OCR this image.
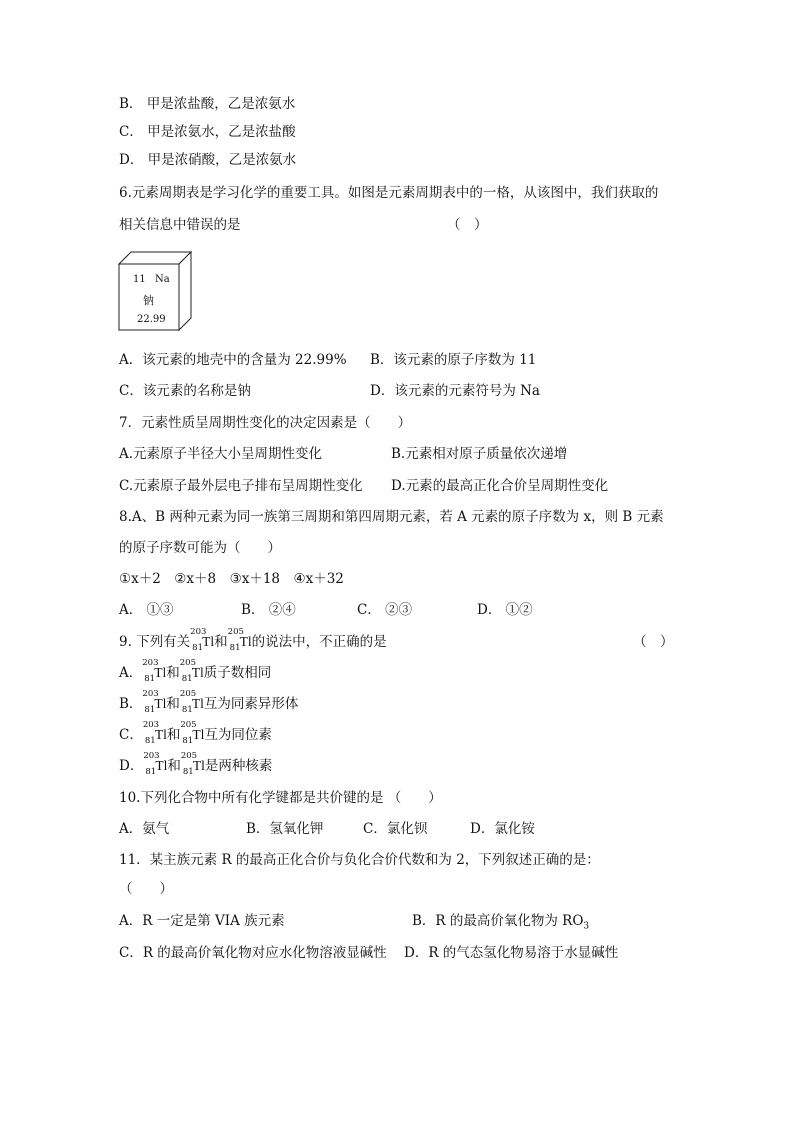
B． 甲是浓盐酸，乙是浓氨水
C． 甲是浓氨水，乙是浓盐酸
D． 甲是浓硝酸，乙是浓氨水
6.元素周期表是学习化学的重要工具。如图是元素周期表中的一格，从该图中，我们获取的
相关信息中错误的是	（　）
11 Na
钠
22.99
A．该元素的地壳中的含量为 22.99% B．该元素的原子序数为 11
C．该元素的名称是钠	D．该元素的元素符号为 Na
7．元素性质呈周期性变化的决定因素是（　　）
A.元素原子半径大小呈周期性变化	B.元素相对原子质量依次递增
C.元素原子最外层电子排布呈周期性变化 D.元素的最高正化合价呈周期性变化
8.A、B 两种元素为同一族第三周期和第四周期元素，若 A 元素的原子序数为 x，则 B 元素
的原子序数可能为（　　）
①x＋2　②x＋8　③x＋18　④x＋32
A． ①③	B． ②④	C． ②③	D． ①②
9. 下列有关
203
81 Tl和
205
81 Tl的说法中，不正确的是	（　）
A．
203
81 Tl和
205
81 Tl质子数相同
B．
203
81 Tl和
205
81 Tl互为同素异形体
C．
203
81 Tl和
205
81 Tl互为同位素
D．
203
81 Tl和
205
81 Tl是两种核素
10.下列化合物中所有化学键都是共价键的是 （　　）
A．氨气	B．氢氧化钾	C．氯化钡	D．氯化铵
11．某主族元素 R 的最高正化合价与负化合价代数和为 2，下列叙述正确的是：
（　　）
A．R 一定是第 VIA 族元素	B．R 的最高价氧化物为 $RO_3$
C．R 的最高价氧化物对应水化物溶液显碱性 D．R 的气态氢化物易溶于水显碱性
